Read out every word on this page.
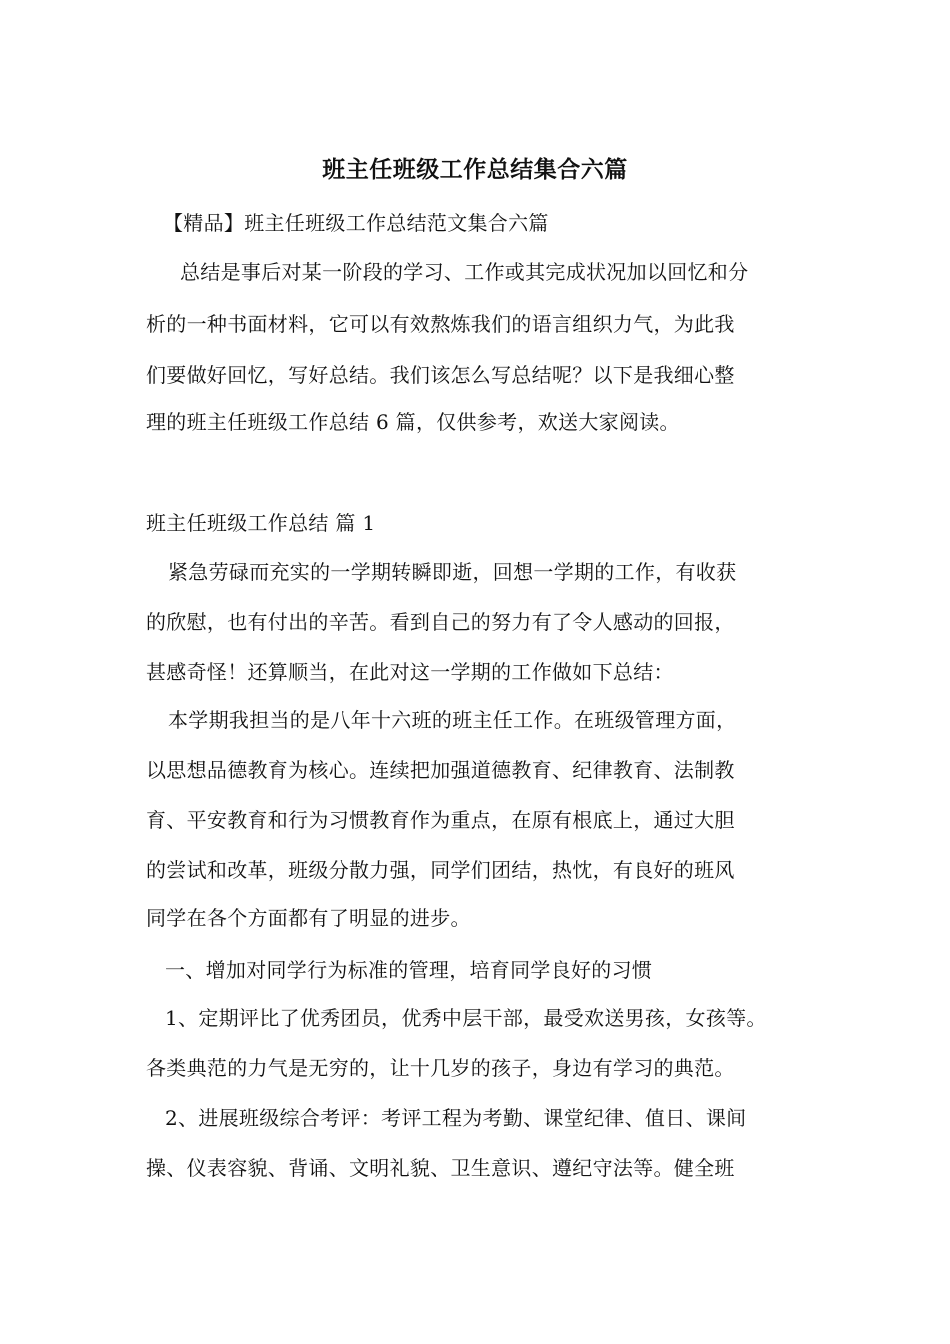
班主任班级工作总结集合六篇
【精品】班主任班级工作总结范文集合六篇
总结是事后对某一阶段的学习、工作或其完成状况加以回忆和分
析的一种书面材料，它可以有效熬炼我们的语言组织力气，为此我
们要做好回忆，写好总结。我们该怎么写总结呢？以下是我细心整
理的班主任班级工作总结 6 篇，仅供参考，欢送大家阅读。
班主任班级工作总结 篇 1
紧急劳碌而充实的一学期转瞬即逝，回想一学期的工作，有收获
的欣慰，也有付出的辛苦。看到自己的努力有了令人感动的回报，
甚感奇怪！还算顺当，在此对这一学期的工作做如下总结：
本学期我担当的是八年十六班的班主任工作。在班级管理方面，
以思想品德教育为核心。连续把加强道德教育、纪律教育、法制教
育、平安教育和行为习惯教育作为重点，在原有根底上，通过大胆
的尝试和改革，班级分散力强，同学们团结，热忱，有良好的班风
同学在各个方面都有了明显的进步。
一、增加对同学行为标准的管理，培育同学良好的习惯
1、定期评比了优秀团员，优秀中层干部，最受欢送男孩，女孩等。
各类典范的力气是无穷的，让十几岁的孩子，身边有学习的典范。
2、进展班级综合考评：考评工程为考勤、课堂纪律、值日、课间
操、仪表容貌、背诵、文明礼貌、卫生意识、遵纪守法等。健全班
